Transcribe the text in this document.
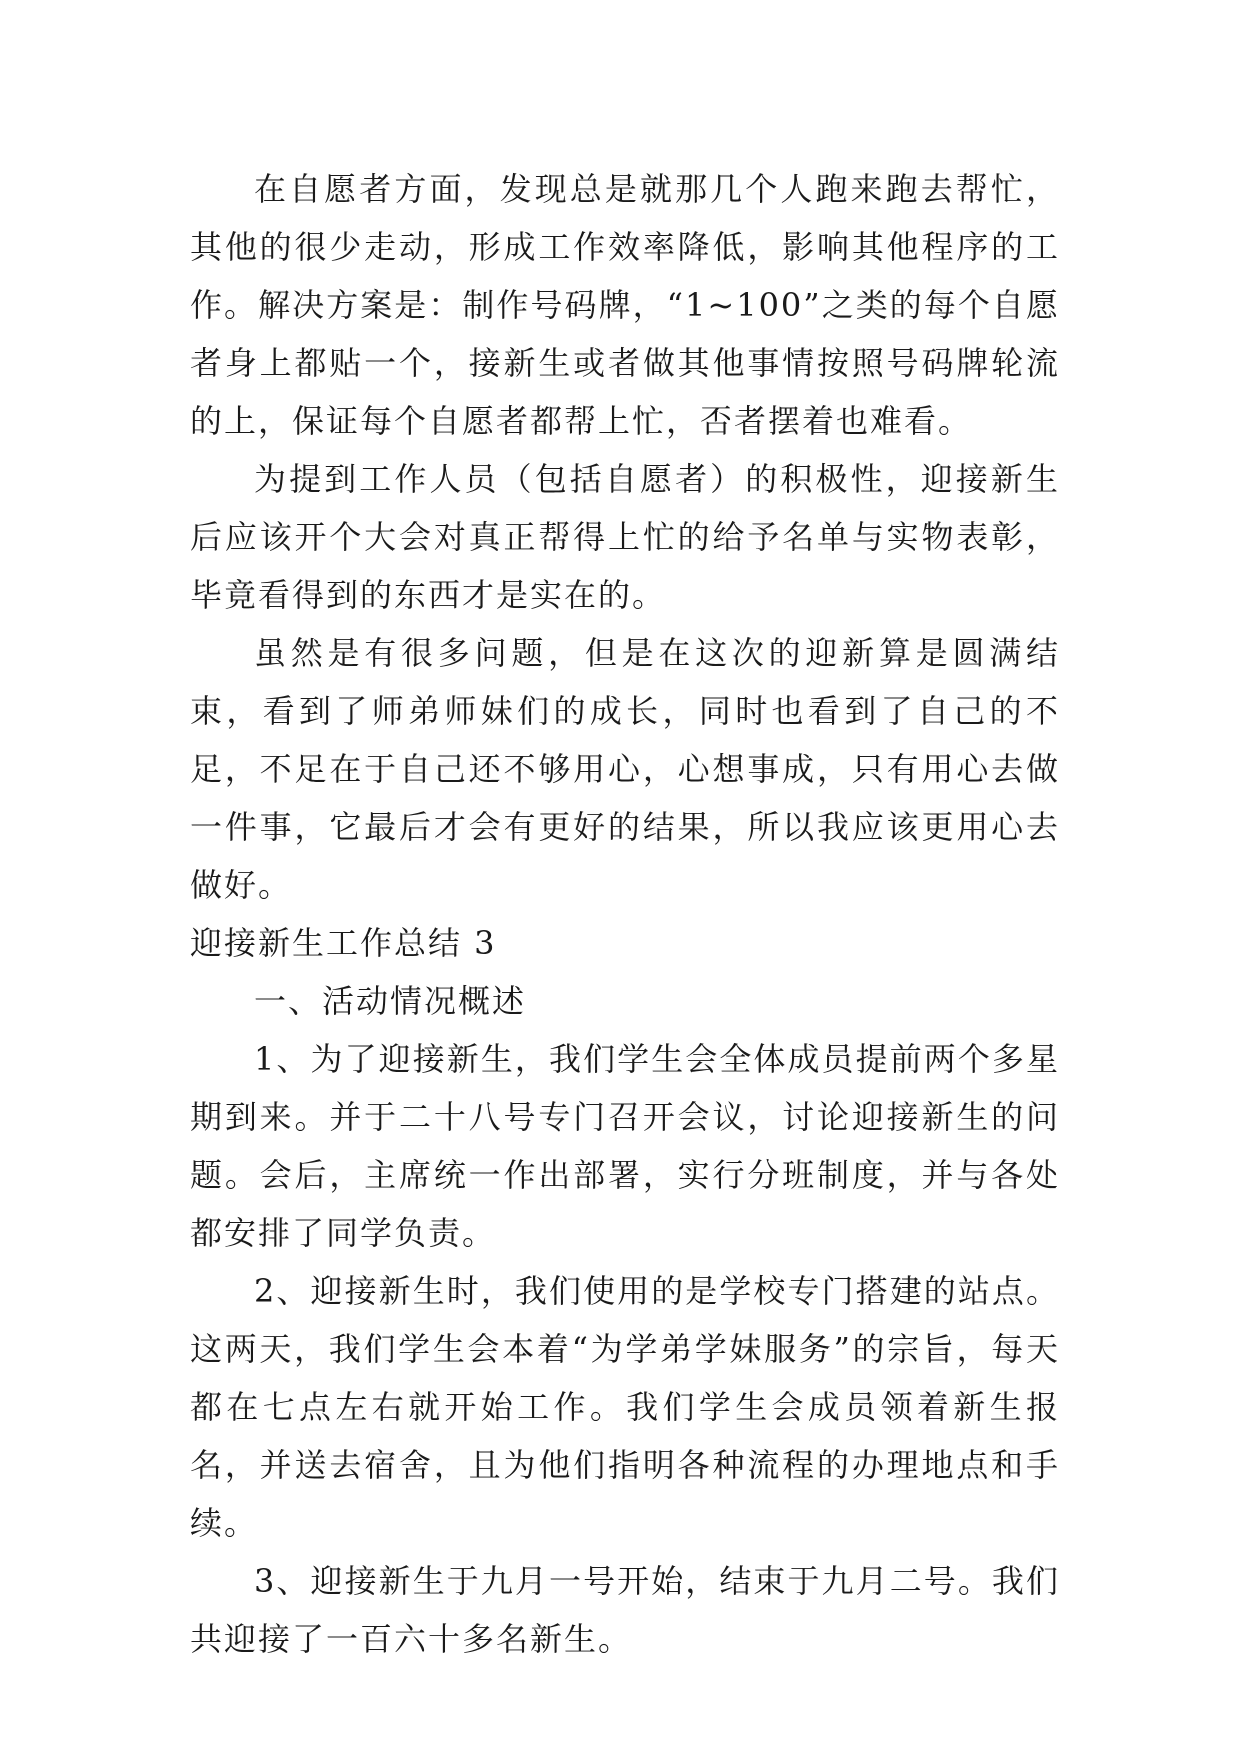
在自愿者方面，发现总是就那几个人跑来跑去帮忙，其他的很少走动，形成工作效率降低，影响其他程序的工作。解决方案是：制作号码牌，“1~100”之类的每个自愿者身上都贴一个，接新生或者做其他事情按照号码牌轮流的上，保证每个自愿者都帮上忙，否者摆着也难看。

为提到工作人员（包括自愿者）的积极性，迎接新生后应该开个大会对真正帮得上忙的给予名单与实物表彰，毕竟看得到的东西才是实在的。

虽然是有很多问题，但是在这次的迎新算是圆满结束，看到了师弟师妹们的成长，同时也看到了自己的不足，不足在于自己还不够用心，心想事成，只有用心去做一件事，它最后才会有更好的结果，所以我应该更用心去做好。

迎接新生工作总结 3

一、活动情况概述

1、为了迎接新生，我们学生会全体成员提前两个多星期到来。并于二十八号专门召开会议，讨论迎接新生的问题。会后，主席统一作出部署，实行分班制度，并与各处都安排了同学负责。

2、迎接新生时，我们使用的是学校专门搭建的站点。这两天，我们学生会本着“为学弟学妹服务”的宗旨，每天都在七点左右就开始工作。我们学生会成员领着新生报名，并送去宿舍，且为他们指明各种流程的办理地点和手续。

3、迎接新生于九月一号开始，结束于九月二号。我们共迎接了一百六十多名新生。
